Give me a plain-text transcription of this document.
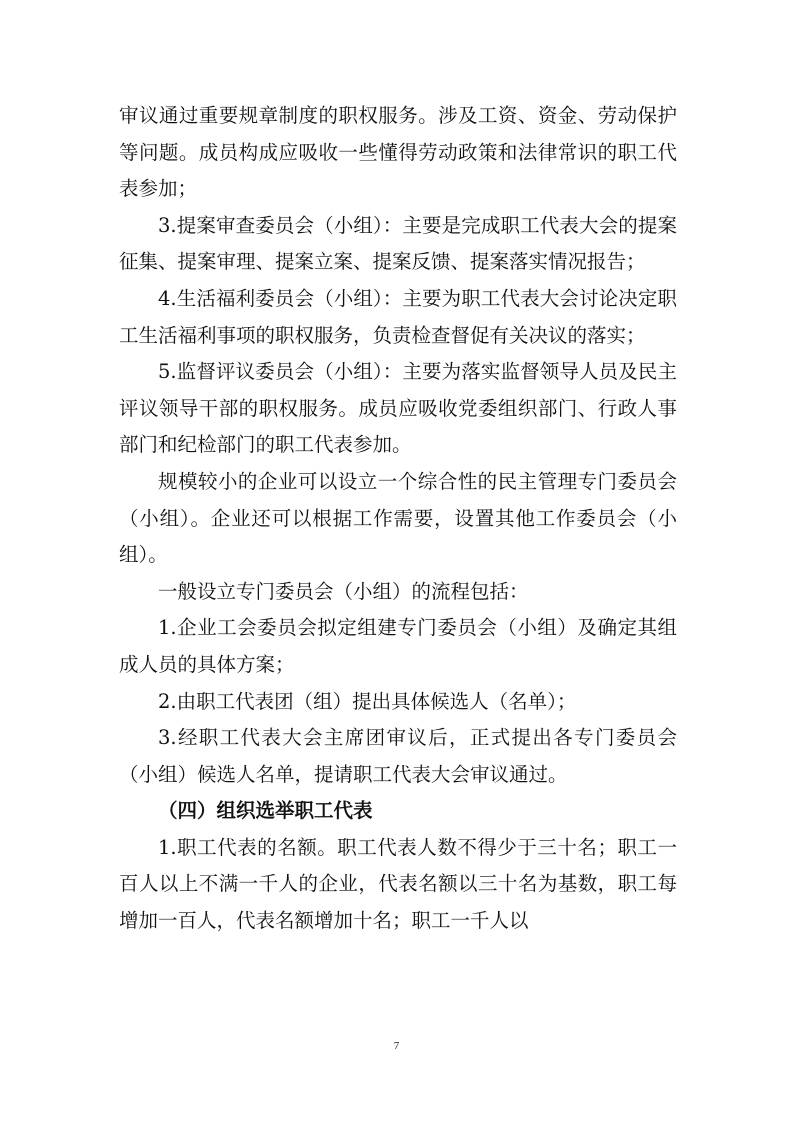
审议通过重要规章制度的职权服务。涉及工资、资金、劳动保护等问题。成员构成应吸收一些懂得劳动政策和法律常识的职工代表参加；

3.提案审查委员会（小组）：主要是完成职工代表大会的提案征集、提案审理、提案立案、提案反馈、提案落实情况报告；

4.生活福利委员会（小组）：主要为职工代表大会讨论决定职工生活福利事项的职权服务，负责检查督促有关决议的落实；

5.监督评议委员会（小组）：主要为落实监督领导人员及民主评议领导干部的职权服务。成员应吸收党委组织部门、行政人事部门和纪检部门的职工代表参加。

规模较小的企业可以设立一个综合性的民主管理专门委员会（小组）。企业还可以根据工作需要，设置其他工作委员会（小组）。

一般设立专门委员会（小组）的流程包括：

1.企业工会委员会拟定组建专门委员会（小组）及确定其组成人员的具体方案；

2.由职工代表团（组）提出具体候选人（名单）；

3.经职工代表大会主席团审议后，正式提出各专门委员会（小组）候选人名单，提请职工代表大会审议通过。

（四）组织选举职工代表

1.职工代表的名额。职工代表人数不得少于三十名；职工一百人以上不满一千人的企业，代表名额以三十名为基数，职工每增加一百人，代表名额增加十名；职工一千人以

7
